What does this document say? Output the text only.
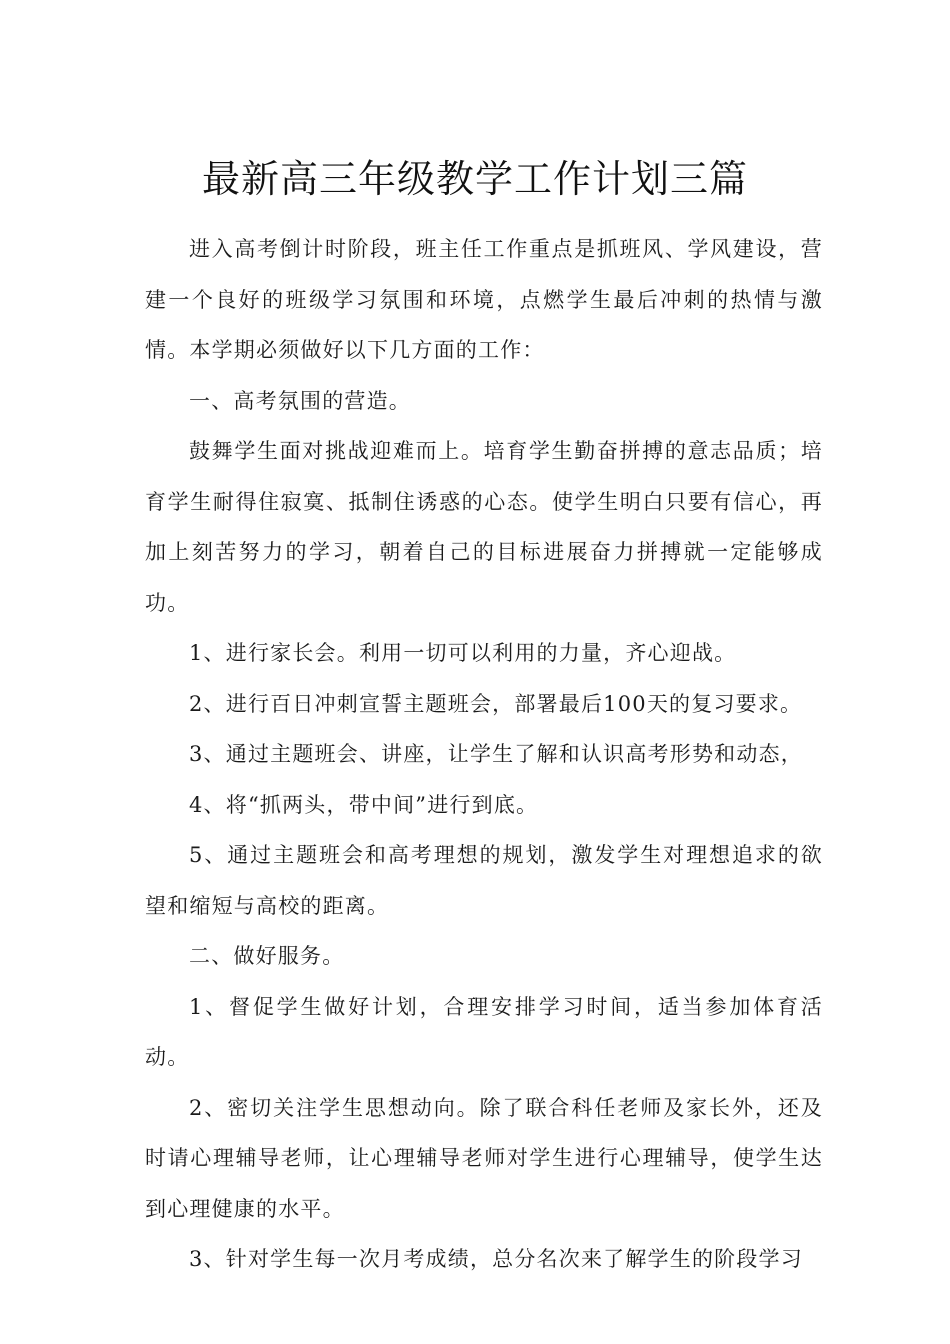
最新高三年级教学工作计划三篇

进入高考倒计时阶段，班主任工作重点是抓班风、学风建设，营建一个良好的班级学习氛围和环境，点燃学生最后冲刺的热情与激情。本学期必须做好以下几方面的工作：

一、高考氛围的营造。

鼓舞学生面对挑战迎难而上。培育学生勤奋拼搏的意志品质；培育学生耐得住寂寞、抵制住诱惑的心态。使学生明白只要有信心，再加上刻苦努力的学习，朝着自己的目标进展奋力拼搏就一定能够成功。

1、进行家长会。利用一切可以利用的力量，齐心迎战。

2、进行百日冲刺宣誓主题班会，部署最后100天的复习要求。

3、通过主题班会、讲座，让学生了解和认识高考形势和动态，

4、将“抓两头，带中间”进行到底。

5、通过主题班会和高考理想的规划，激发学生对理想追求的欲望和缩短与高校的距离。

二、做好服务。

1、督促学生做好计划，合理安排学习时间，适当参加体育活动。

2、密切关注学生思想动向。除了联合科任老师及家长外，还及时请心理辅导老师，让心理辅导老师对学生进行心理辅导，使学生达到心理健康的水平。

3、针对学生每一次月考成绩，总分名次来了解学生的阶段学习
